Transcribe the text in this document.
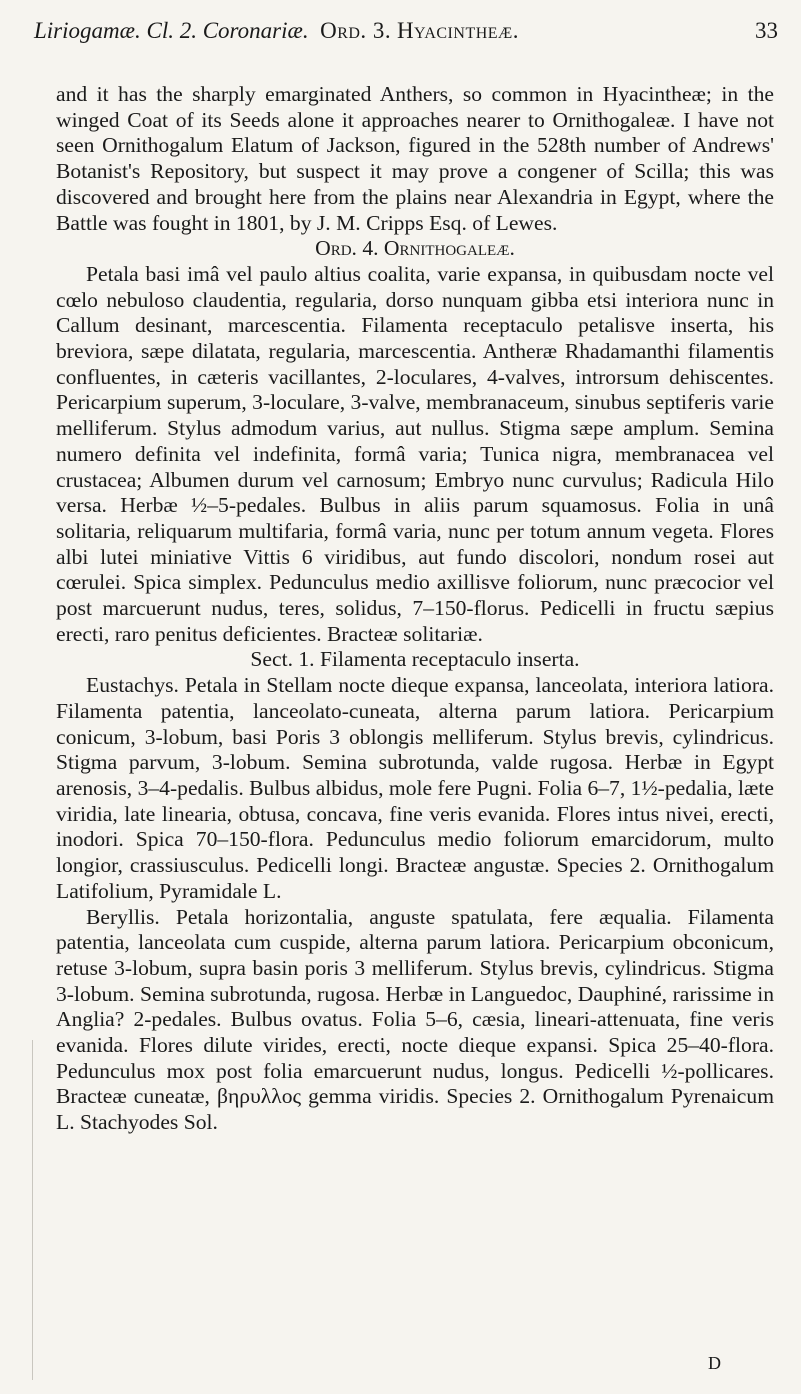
Liriogamæ. Cl. 2. Coronariæ. Ord. 3. Hyacintheæ.	33

and it has the sharply emarginated Anthers, so common in Hyacintheæ; in the winged Coat of its Seeds alone it approaches nearer to Ornithogaleæ. I have not seen Ornithogalum Elatum of Jackson, figured in the 528th number of Andrews' Botanist's Repository, but suspect it may prove a congener of Scilla; this was discovered and brought here from the plains near Alexandria in Egypt, where the Battle was fought in 1801, by J. M. Cripps Esq. of Lewes.

Ord. 4. Ornithogaleæ.

Petala basi imâ vel paulo altius coalita, varie expansa, in quibusdam nocte vel cœlo nebuloso claudentia, regularia, dorso nunquam gibba etsi interiora nunc in Callum desinant, marcescentia. Filamenta receptaculo petalisve inserta, his breviora, sæpe dilatata, regularia, marcescentia. Antheræ Rhadamanthi filamentis confluentes, in cæteris vacillantes, 2-loculares, 4-valves, introrsum dehiscentes. Pericarpium superum, 3-loculare, 3-valve, membranaceum, sinubus septiferis varie melliferum. Stylus admodum varius, aut nullus. Stigma sæpe amplum. Semina numero definita vel indefinita, formâ varia; Tunica nigra, membranacea vel crustacea; Albumen durum vel carnosum; Embryo nunc curvulus; Radicula Hilo versa. Herbæ ½–5-pedales. Bulbus in aliis parum squamosus. Folia in unâ solitaria, reliquarum multifaria, formâ varia, nunc per totum annum vegeta. Flores albi lutei miniative Vittis 6 viridibus, aut fundo discolori, nondum rosei aut cœrulei. Spica simplex. Pedunculus medio axillisve foliorum, nunc præcocior vel post marcuerunt nudus, teres, solidus, 7–150-florus. Pedicelli in fructu sæpius erecti, raro penitus deficientes. Bracteæ solitariæ.

Sect. 1. Filamenta receptaculo inserta.

Eustachys. Petala in Stellam nocte dieque expansa, lanceolata, interiora latiora. Filamenta patentia, lanceolato-cuneata, alterna parum latiora. Pericarpium conicum, 3-lobum, basi Poris 3 oblongis melliferum. Stylus brevis, cylindricus. Stigma parvum, 3-lobum. Semina subrotunda, valde rugosa. Herbæ in Egypt arenosis, 3–4-pedalis. Bulbus albidus, mole fere Pugni. Folia 6–7, 1½-pedalia, læte viridia, late linearia, obtusa, concava, fine veris evanida. Flores intus nivei, erecti, inodori. Spica 70–150-flora. Pedunculus medio foliorum emarcidorum, multo longior, crassiusculus. Pedicelli longi. Bracteæ angustæ. Species 2. Ornithogalum Latifolium, Pyramidale L.

Beryllis. Petala horizontalia, anguste spatulata, fere æqualia. Filamenta patentia, lanceolata cum cuspide, alterna parum latiora. Pericarpium obconicum, retuse 3-lobum, supra basin poris 3 melliferum. Stylus brevis, cylindricus. Stigma 3-lobum. Semina subrotunda, rugosa. Herbæ in Languedoc, Dauphiné, rarissime in Anglia? 2-pedales. Bulbus ovatus. Folia 5–6, cæsia, lineari-attenuata, fine veris evanida. Flores dilute virides, erecti, nocte dieque expansi. Spica 25–40-flora. Pedunculus mox post folia emarcuerunt nudus, longus. Pedicelli ½-pollicares. Bracteæ cuneatæ, βηρυλλος gemma viridis. Species 2. Ornithogalum Pyrenaicum L. Stachyodes Sol.

D
